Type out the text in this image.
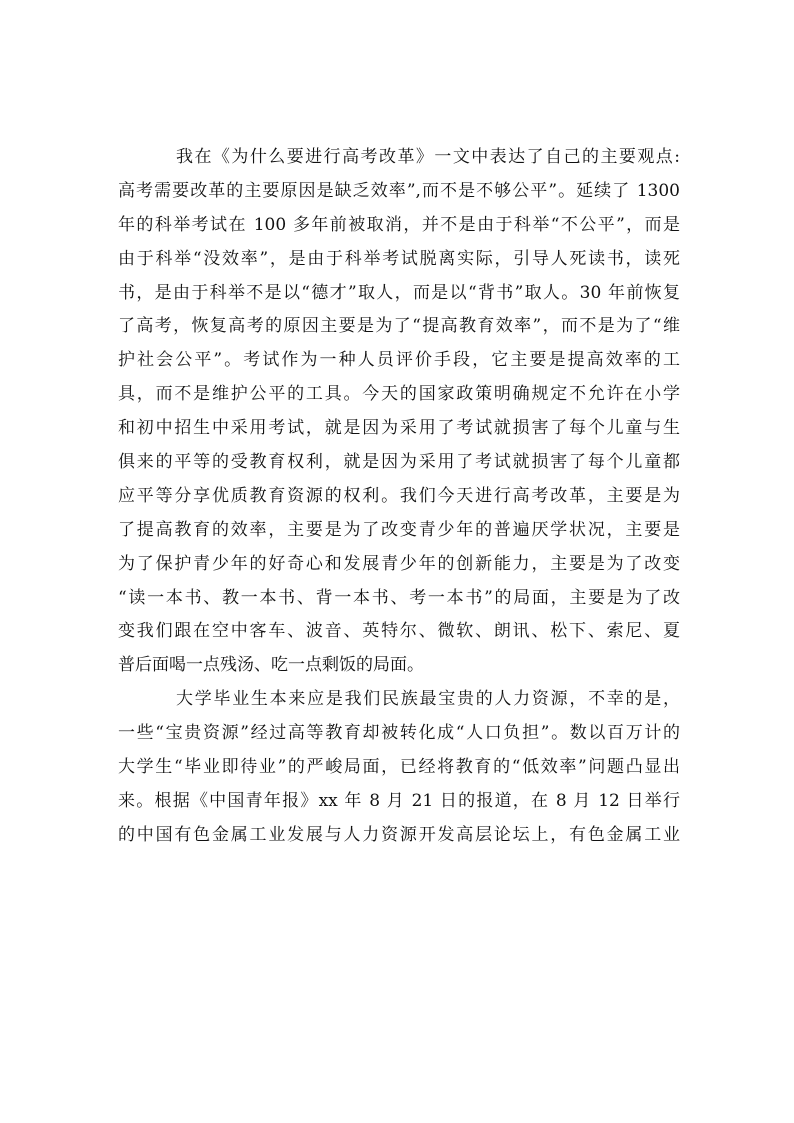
我在《为什么要进行高考改革》一文中表达了自己的主要观点:
高考需要改革的主要原因是缺乏效率”,而不是不够公平”。延续了 1300
年的科举考试在 100 多年前被取消，并不是由于科举“不公平”，而是
由于科举“没效率”，是由于科举考试脱离实际，引导人死读书，读死
书，是由于科举不是以“德才”取人，而是以“背书”取人。30 年前恢复
了高考，恢复高考的原因主要是为了“提高教育效率”，而不是为了“维
护社会公平”。考试作为一种人员评价手段，它主要是提高效率的工
具，而不是维护公平的工具。今天的国家政策明确规定不允许在小学
和初中招生中采用考试，就是因为采用了考试就损害了每个儿童与生
俱来的平等的受教育权利，就是因为采用了考试就损害了每个儿童都
应平等分享优质教育资源的权利。我们今天进行高考改革，主要是为
了提高教育的效率，主要是为了改变青少年的普遍厌学状况，主要是
为了保护青少年的好奇心和发展青少年的创新能力，主要是为了改变
“读一本书、教一本书、背一本书、考一本书”的局面，主要是为了改
变我们跟在空中客车、波音、英特尔、微软、朗讯、松下、索尼、夏
普后面喝一点残汤、吃一点剩饭的局面。
大学毕业生本来应是我们民族最宝贵的人力资源，不幸的是，
一些“宝贵资源”经过高等教育却被转化成“人口负担”。数以百万计的
大学生“毕业即待业”的严峻局面，已经将教育的“低效率”问题凸显出
来。根据《中国青年报》xx 年 8 月 21 日的报道，在 8 月 12 日举行
的中国有色金属工业发展与人力资源开发高层论坛上，有色金属工业
